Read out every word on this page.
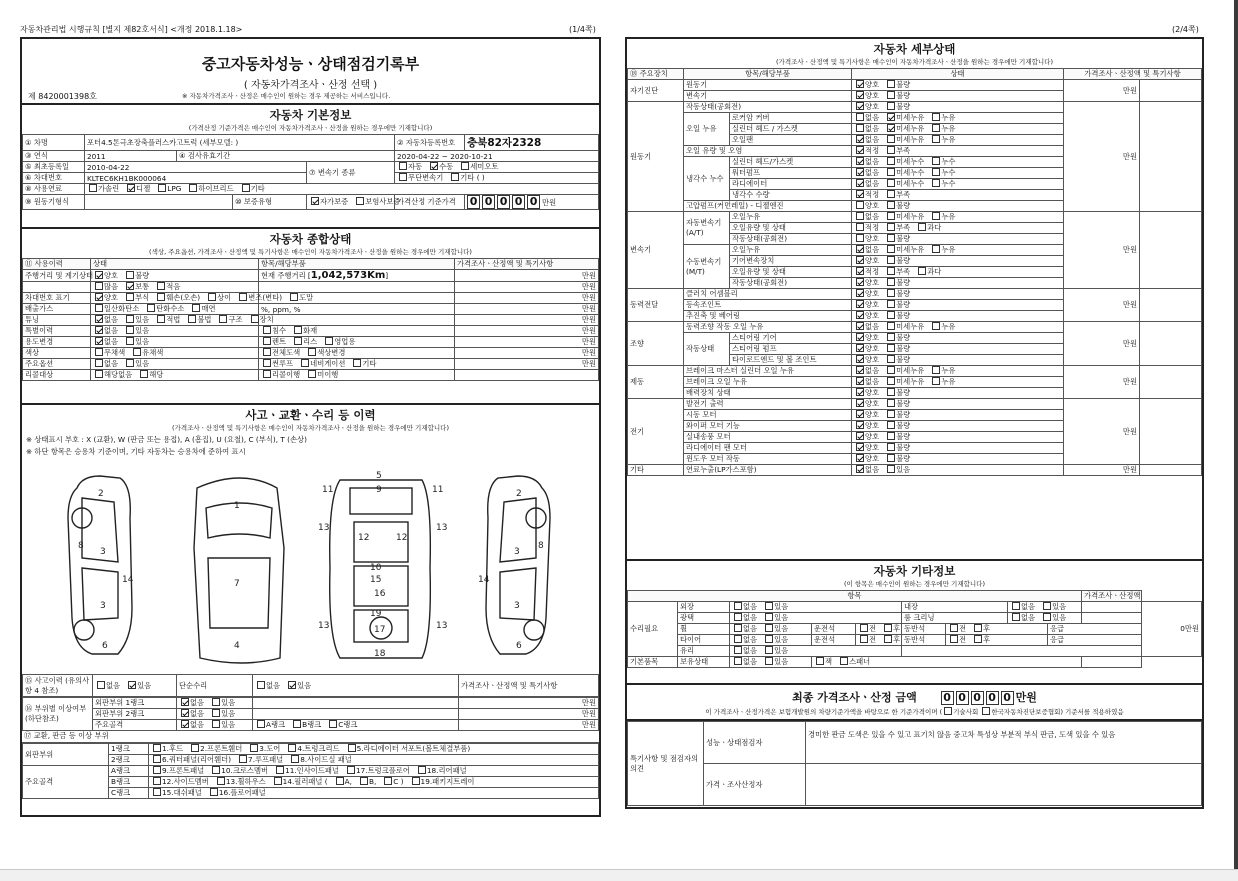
자동차관리법 시행규칙 [별지 제82호서식] <개정 2018.1.18>	(1/4쪽)	(2/4쪽)
중고자동차성능ㆍ상태점검기록부
( 자동차가격조사ㆍ산정 선택 )
제 8420001398호	※ 자동차가격조사ㆍ산정은 매수인이 원하는 경우 제공하는 서비스입니다.
자동차 기본정보
(가격산정 기준가격은 매수인이 자동차가격조사ㆍ산정을 원하는 경우에만 기재합니다)
① 차명	포터4.5톤극초장축플러스카고트럭 (세부모델: )				② 자동차등록번호	충북82자2328
③ 연식	2011	④ 검사유효기간			2020-04-22 ~ 2020-10-21	
⑤ 최초등록일	2010-04-22			⑦ 변속기 종류	자동 수동 세미오토	
⑥ 차대번호	KLTEC6KH1BK000064				무단변속기 기타 ( )	
⑧ 사용연료	가솔린 디젤 LPG 하이브리드 기타					
⑨ 원동기형식			⑩ 보증유형	자가보증 보험사보증	가격산정 기준가격	0 0 0 0 0 만원
자동차 종합상태
(색상, 주요옵션, 가격조사ㆍ산정액 및 특기사항은 매수인이 자동차가격조사ㆍ산정을 원하는 경우에만 기재합니다)
⑪ 사용이력	상태	항목/해당부품	가격조사ㆍ산정액 및 특기사항
주행거리 및 계기상태	양호 불량	현재 주행거리 [1,042,573Km]	만원
	많음 보통 적음		만원
차대번호 표기	양호 부식 훼손(오손) 상이 변조(변타) 도말		만원
배출가스	일산화탄소 탄화수소 매연	%, ppm, %	만원
튜닝	없음 있음 적법 불법 구조 장치		만원
특별이력	없음 있음	침수 화재	만원
용도변경	없음 있음	렌트 리스 영업용	만원
색상	무채색 유채색	전체도색 색상변경	만원
주요옵션	없음 있음	썬루프 네비게이션 기타	만원
리콜대상	해당없음 해당	리콜이행 미이행	
사고ㆍ교환ㆍ수리 등 이력
(가격조사ㆍ산정액 및 특기사항은 매수인이 자동차가격조사ㆍ산정을 원하는 경우에만 기재합니다)
※ 상태표시 부호 : X (교환), W (판금 또는 용접), A (흠집), U (요철), C (부식), T (손상)
※ 하단 항목은 승용차 기준이며, 기타 자동차는 승용차에 준하여 표시
2
8
3
14
3
6
1
7
4
5
9
11	11
13	13
12	12
10
15
16
13	13
17
18
19
2
8
3
14
3
6
⑮ 사고이력 (유의사항 4 참조)	없음 있음	단순수리	없음 있음	가격조사ㆍ산정액 및 특기사항

⑯ 부위별 이상여부 (하단참조)	외판부위 1랭크	없음 있음		만원
	외판부위 2랭크	없음 있음		만원
	주요골격	없음 있음	A랭크 B랭크 C랭크	만원
⑰ 교환, 판금 등 이상 부위
외판부위	1랭크	1.후드 2.프론트휀더 3.도어 4.트렁크리드 5.라디에이터 서포트(볼트체결부품)
	2랭크	6.쿼터패널(리어휀더) 7.루프패널 8.사이드실 패널
주요골격	A랭크	9.프론트패널 10.크로스멤버 11.인사이드패널 17.트렁크플로어 18.리어패널
	B랭크	12.사이드멤버 13.휠하우스 14.필러패널 ( A, B, C ) 19.패키지트레이
	C랭크	15.대쉬패널 16.플로어패널
자동차 세부상태
(가격조사ㆍ산정액 및 특기사항은 매수인이 자동차가격조사ㆍ산정을 원하는 경우에만 기재합니다)
⑱ 주요장치	항목/해당부품		상태	가격조사ㆍ산정액 및 특기사항	
자기진단	원동기		양호 불량	만원	
	변속기		양호 불량		
원동기	작동상태(공회전)		양호 불량	만원	
	오일 누유	로커암 커버	없음 미세누유 누유		
		실린더 헤드 / 가스켓	없음 미세누유 누유		
		오일팬	없음 미세누유 누유		
	오일 유량 및 오염		적정 부족		
	냉각수 누수	실린더 헤드/가스켓	없음 미세누수 누수		
		워터펌프	없음 미세누수 누수		
		라디에이터	없음 미세누수 누수		
		냉각수 수량	적정 부족		
	고압펌프(커먼레일) - 디젤엔진		양호 불량		
변속기	자동변속기 (A/T)	오일누유	없음 미세누유 누유	만원	
		오일유량 및 상태	적정 부족 과다		
		작동상태(공회전)	양호 불량		
	수동변속기 (M/T)	오일누유	없음 미세누유 누유		
		기어변속장치	양호 불량		
		오일유량 및 상태	적정 부족 과다		
		작동상태(공회전)	양호 불량		
동력전달	클러치 어셈블리		양호 불량	만원	
	등속조인트		양호 불량		
	추진축 및 베어링		양호 불량		
조향	동력조향 작동 오일 누유		없음 미세누유 누유	만원	
	작동상태	스티어링 기어	양호 불량		
		스티어링 펌프	양호 불량		
		타이로드엔드 및 볼 조인트	양호 불량		
제동	브레이크 마스터 실린더 오일 누유		없음 미세누유 누유	만원	
	브레이크 오일 누유		없음 미세누유 누유		
	배력장치 상태		양호 불량		
전기	발전기 출력		양호 불량	만원	
	시동 모터		양호 불량		
	와이퍼 모터 기능		양호 불량		
	실내송풍 모터		양호 불량		
	라디에이터 팬 모터		양호 불량		
	윈도우 모터 작동		양호 불량		
기타	연료누출(LP가스포함)		없음 있음	만원	
자동차 기타정보
(이 항목은 매수인이 원하는 경우에만 기재합니다)
항목									가격조사ㆍ산정액	
수리필요	외장	없음 있음			내장		없음 있음			0만원
	광택	없음 있음			룸 크리닝		없음 있음			
	휠	없음 있음	운전석	전 후	동반석	전 후		응급		
	타이어	없음 있음	운전석	전 후	동반석	전 후		응급		
	유리	없음 있음								
기본품목	보유상태	없음 있음	잭 스패너							
최종 가격조사ㆍ산정 금액 0 0 0 0 0 만원
이 가격조사ㆍ산정가격은 보험개발원의 차량기준가액을 바탕으로 한 기준가격이며 ( 기술사회 한국자동차진단보증협회) 기준서를 적용하였음
특기사항 및 점검자의 의견	성능ㆍ상태점검자	경미한 판금 도색은 있을 수 있고 표기치 않음 중고차 특성상 부분적 부식 판금, 도색 있을 수 있음
	가격ㆍ조사산정자	
